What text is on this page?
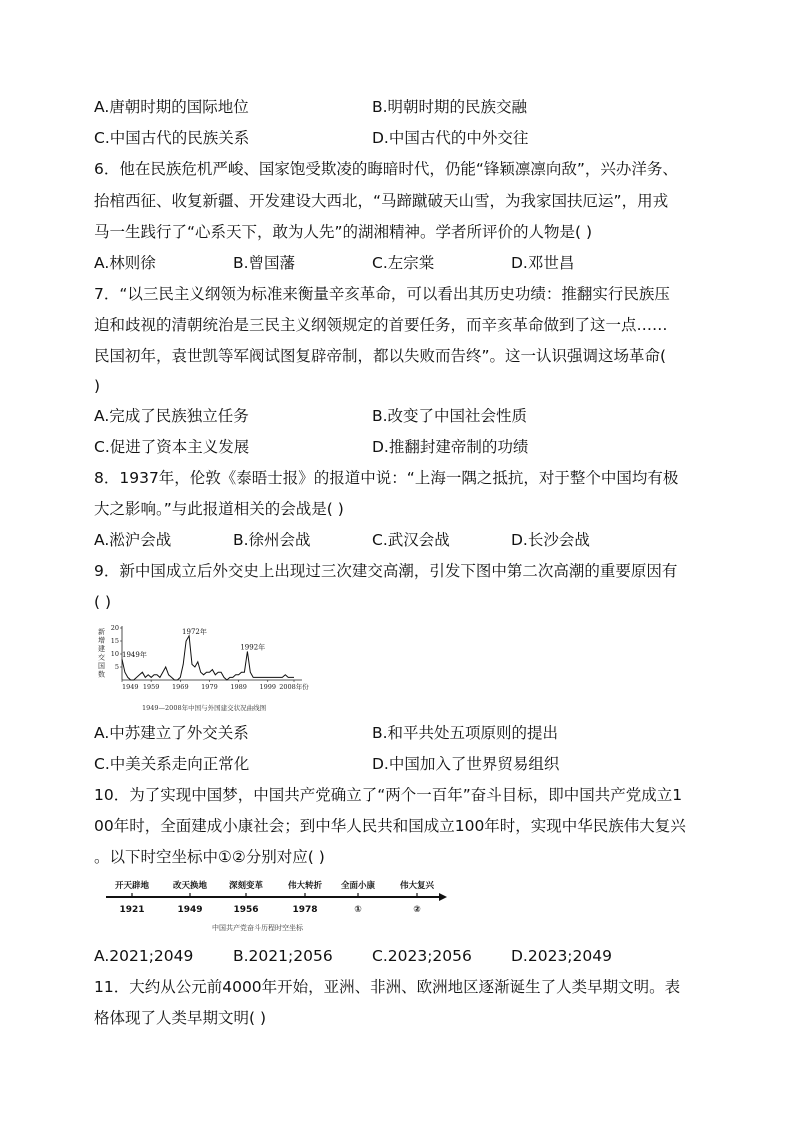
A.唐朝时期的国际地位	B.明朝时期的民族交融
C.中国古代的民族关系	D.中国古代的中外交往
6．他在民族危机严峻、国家饱受欺凌的晦暗时代，仍能“锋颖凛凛向敌”，兴办洋务、
抬棺西征、收复新疆、开发建设大西北，“马蹄蹴破天山雪，为我家国扶厄运”，用戎
马一生践行了“心系天下，敢为人先”的湖湘精神。学者所评价的人物是( )
A.林则徐	B.曾国藩	C.左宗棠	D.邓世昌
7．“以三民主义纲领为标准来衡量辛亥革命，可以看出其历史功绩：推翻实行民族压
迫和歧视的清朝统治是三民主义纲领规定的首要任务，而辛亥革命做到了这一点……
民国初年，袁世凯等军阀试图复辟帝制，都以失败而告终”。这一认识强调这场革命(
)
A.完成了民族独立任务	B.改变了中国社会性质
C.促进了资本主义发展	D.推翻封建帝制的功绩
8．1937年，伦敦《泰晤士报》的报道中说：“上海一隅之抵抗，对于整个中国均有极
大之影响。”与此报道相关的会战是( )
A.淞沪会战	B.徐州会战	C.武汉会战	D.长沙会战
9．新中国成立后外交史上出现过三次建交高潮，引发下图中第二次高潮的重要原因有
( )
5
10
15
20
新
增
建
交
国
数
1949 1959 1969 1979 1989 1999 2008年份
1949年
1972年
1992年
1949—2008年中国与外国建交状况曲线图
A.中苏建立了外交关系	B.和平共处五项原则的提出
C.中美关系走向正常化	D.中国加入了世界贸易组织
10．为了实现中国梦，中国共产党确立了“两个一百年”奋斗目标，即中国共产党成立1
00年时，全面建成小康社会；到中华人民共和国成立100年时，实现中华民族伟大复兴
。以下时空坐标中①②分别对应( )
开天辟地
1921
改天换地
1949
深刻变革
1956
伟大转折
1978
全面小康
①
伟大复兴
②
中国共产党奋斗历程时空坐标
A.2021;2049	B.2021;2056	C.2023;2056	D.2023;2049
11．大约从公元前4000年开始，亚洲、非洲、欧洲地区逐渐诞生了人类早期文明。表
格体现了人类早期文明( )
